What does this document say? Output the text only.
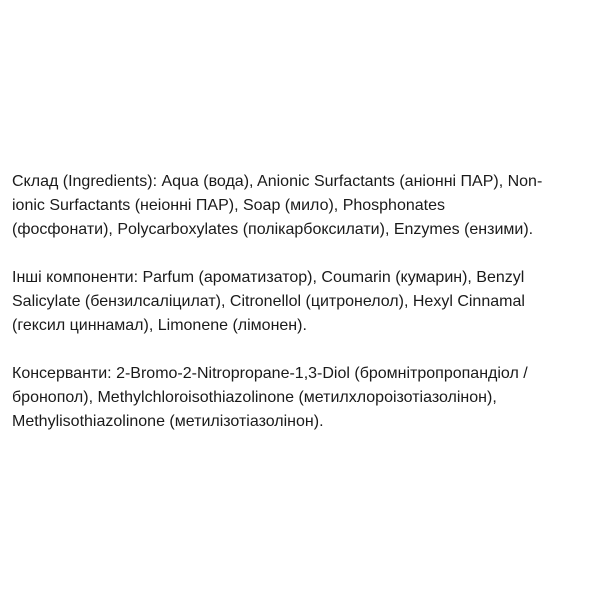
Склад (Ingredients): Aqua (вода), Anionic Surfactants (аніонні ПАР), Non-
ionic Surfactants (неіонні ПАР), Soap (мило), Phosphonates
(фосфонати), Polycarboxylates (полікарбоксилати), Enzymes (ензими).

Інші компоненти: Parfum (ароматизатор), Coumarin (кумарин), Benzyl
Salicylate (бензилсаліцилат), Citronellol (цитронелол), Hexyl Cinnamal
(гексил циннамал), Limonene (лімонен).

Консерванти: 2-Bromo-2-Nitropropane-1,3-Diol (бромнітропропандіол /
бронопол), Methylchloroisothiazolinone (метилхлороізотіазолінон),
Methylisothiazolinone (метилізотіазолінон).
